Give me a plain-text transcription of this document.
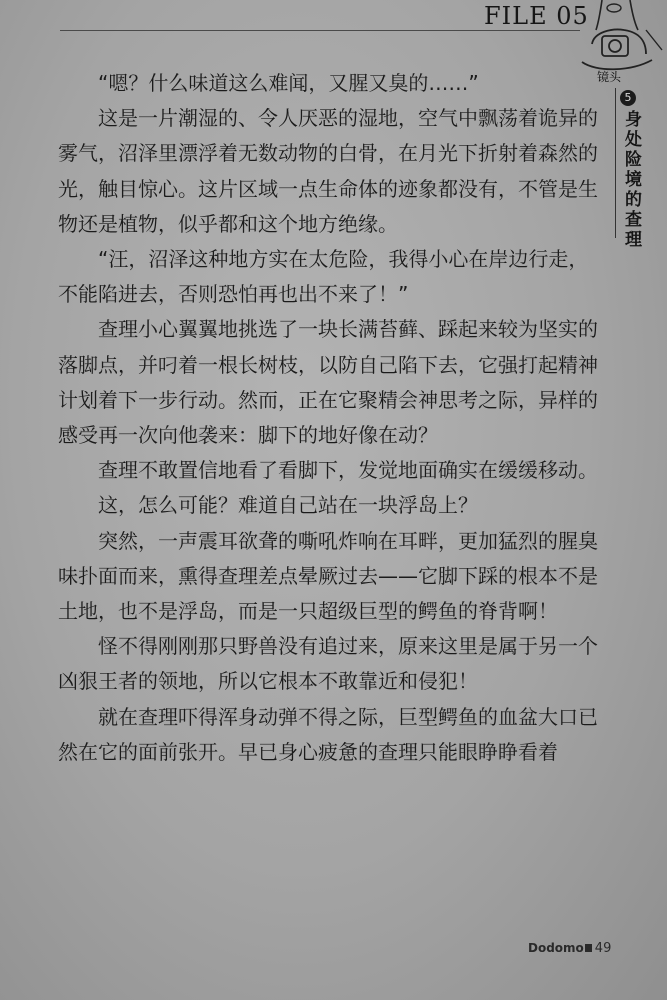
FILE 05
镜头
5
身处险境的查理

“嗯？什么味道这么难闻，又腥又臭的……”

这是一片潮湿的、令人厌恶的湿地，空气中飘荡着诡异的雾气，沼泽里漂浮着无数动物的白骨，在月光下折射着森然的光，触目惊心。这片区域一点生命体的迹象都没有，不管是生物还是植物，似乎都和这个地方绝缘。

“汪，沼泽这种地方实在太危险，我得小心在岸边行走，不能陷进去，否则恐怕再也出不来了！”

查理小心翼翼地挑选了一块长满苔藓、踩起来较为坚实的落脚点，并叼着一根长树枝，以防自己陷下去，它强打起精神计划着下一步行动。然而，正在它聚精会神思考之际，异样的感受再一次向他袭来：脚下的地好像在动？

查理不敢置信地看了看脚下，发觉地面确实在缓缓移动。

这，怎么可能？难道自己站在一块浮岛上？

突然，一声震耳欲聋的嘶吼炸响在耳畔，更加猛烈的腥臭味扑面而来，熏得查理差点晕厥过去——它脚下踩的根本不是土地，也不是浮岛，而是一只超级巨型的鳄鱼的脊背啊！

怪不得刚刚那只野兽没有追过来，原来这里是属于另一个凶狠王者的领地，所以它根本不敢靠近和侵犯！

就在查理吓得浑身动弹不得之际，巨型鳄鱼的血盆大口已然在它的面前张开。早已身心疲惫的查理只能眼睁睁看着

Dodomo 49
